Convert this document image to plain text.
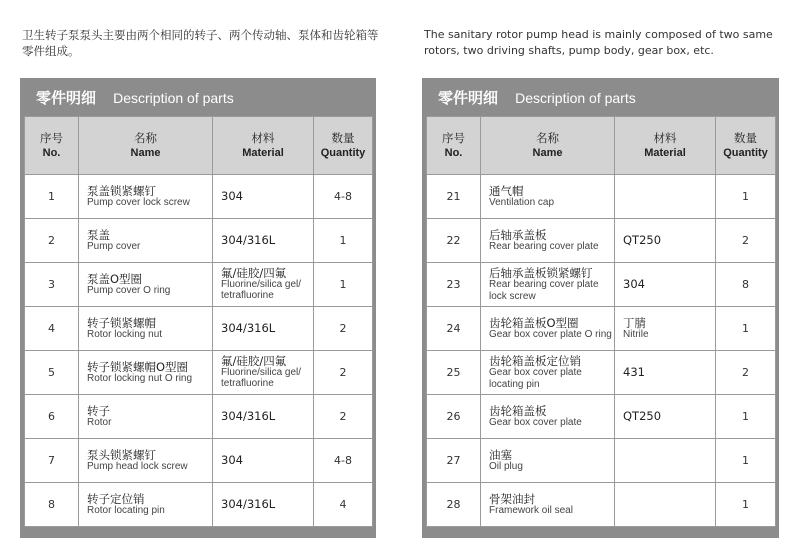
卫生转子泵泵头主要由两个相同的转子、两个传动轴、泵体和齿轮箱等零件组成。
The sanitary rotor pump head is mainly composed of two same rotors, two driving shafts, pump body, gear box, etc.
零件明细 Description of parts
序号
No.	名称
Name	材料
Material	数量
Quantity
1	泵盖锁紧螺钉
Pump cover lock screw	304	4-8
2	泵盖
Pump cover	304/316L	1
3	泵盖O型圈
Pump cover O ring	氟/硅胶/四氟
Fluorine/silica gel/ tetrafluorine	1
4	转子锁紧螺帽
Rotor locking nut	304/316L	2
5	转子锁紧螺帽O型圈
Rotor locking nut O ring	氟/硅胶/四氟
Fluorine/silica gel/ tetrafluorine	2
6	转子
Rotor	304/316L	2
7	泵头锁紧螺钉
Pump head lock screw	304	4-8
8	转子定位销
Rotor locating pin	304/316L	4
零件明细 Description of parts
序号
No.	名称
Name	材料
Material	数量
Quantity
21	通气帽
Ventilation cap		1
22	后轴承盖板
Rear bearing cover plate	QT250	2
23	后轴承盖板锁紧螺钉
Rear bearing cover plate lock screw	304	8
24	齿轮箱盖板O型圈
Gear box cover plate O ring	丁腈
Nitrile	1
25	齿轮箱盖板定位销
Gear box cover plate locating pin	431	2
26	齿轮箱盖板
Gear box cover plate	QT250	1
27	油塞
Oil plug		1
28	骨架油封
Framework oil seal		1
